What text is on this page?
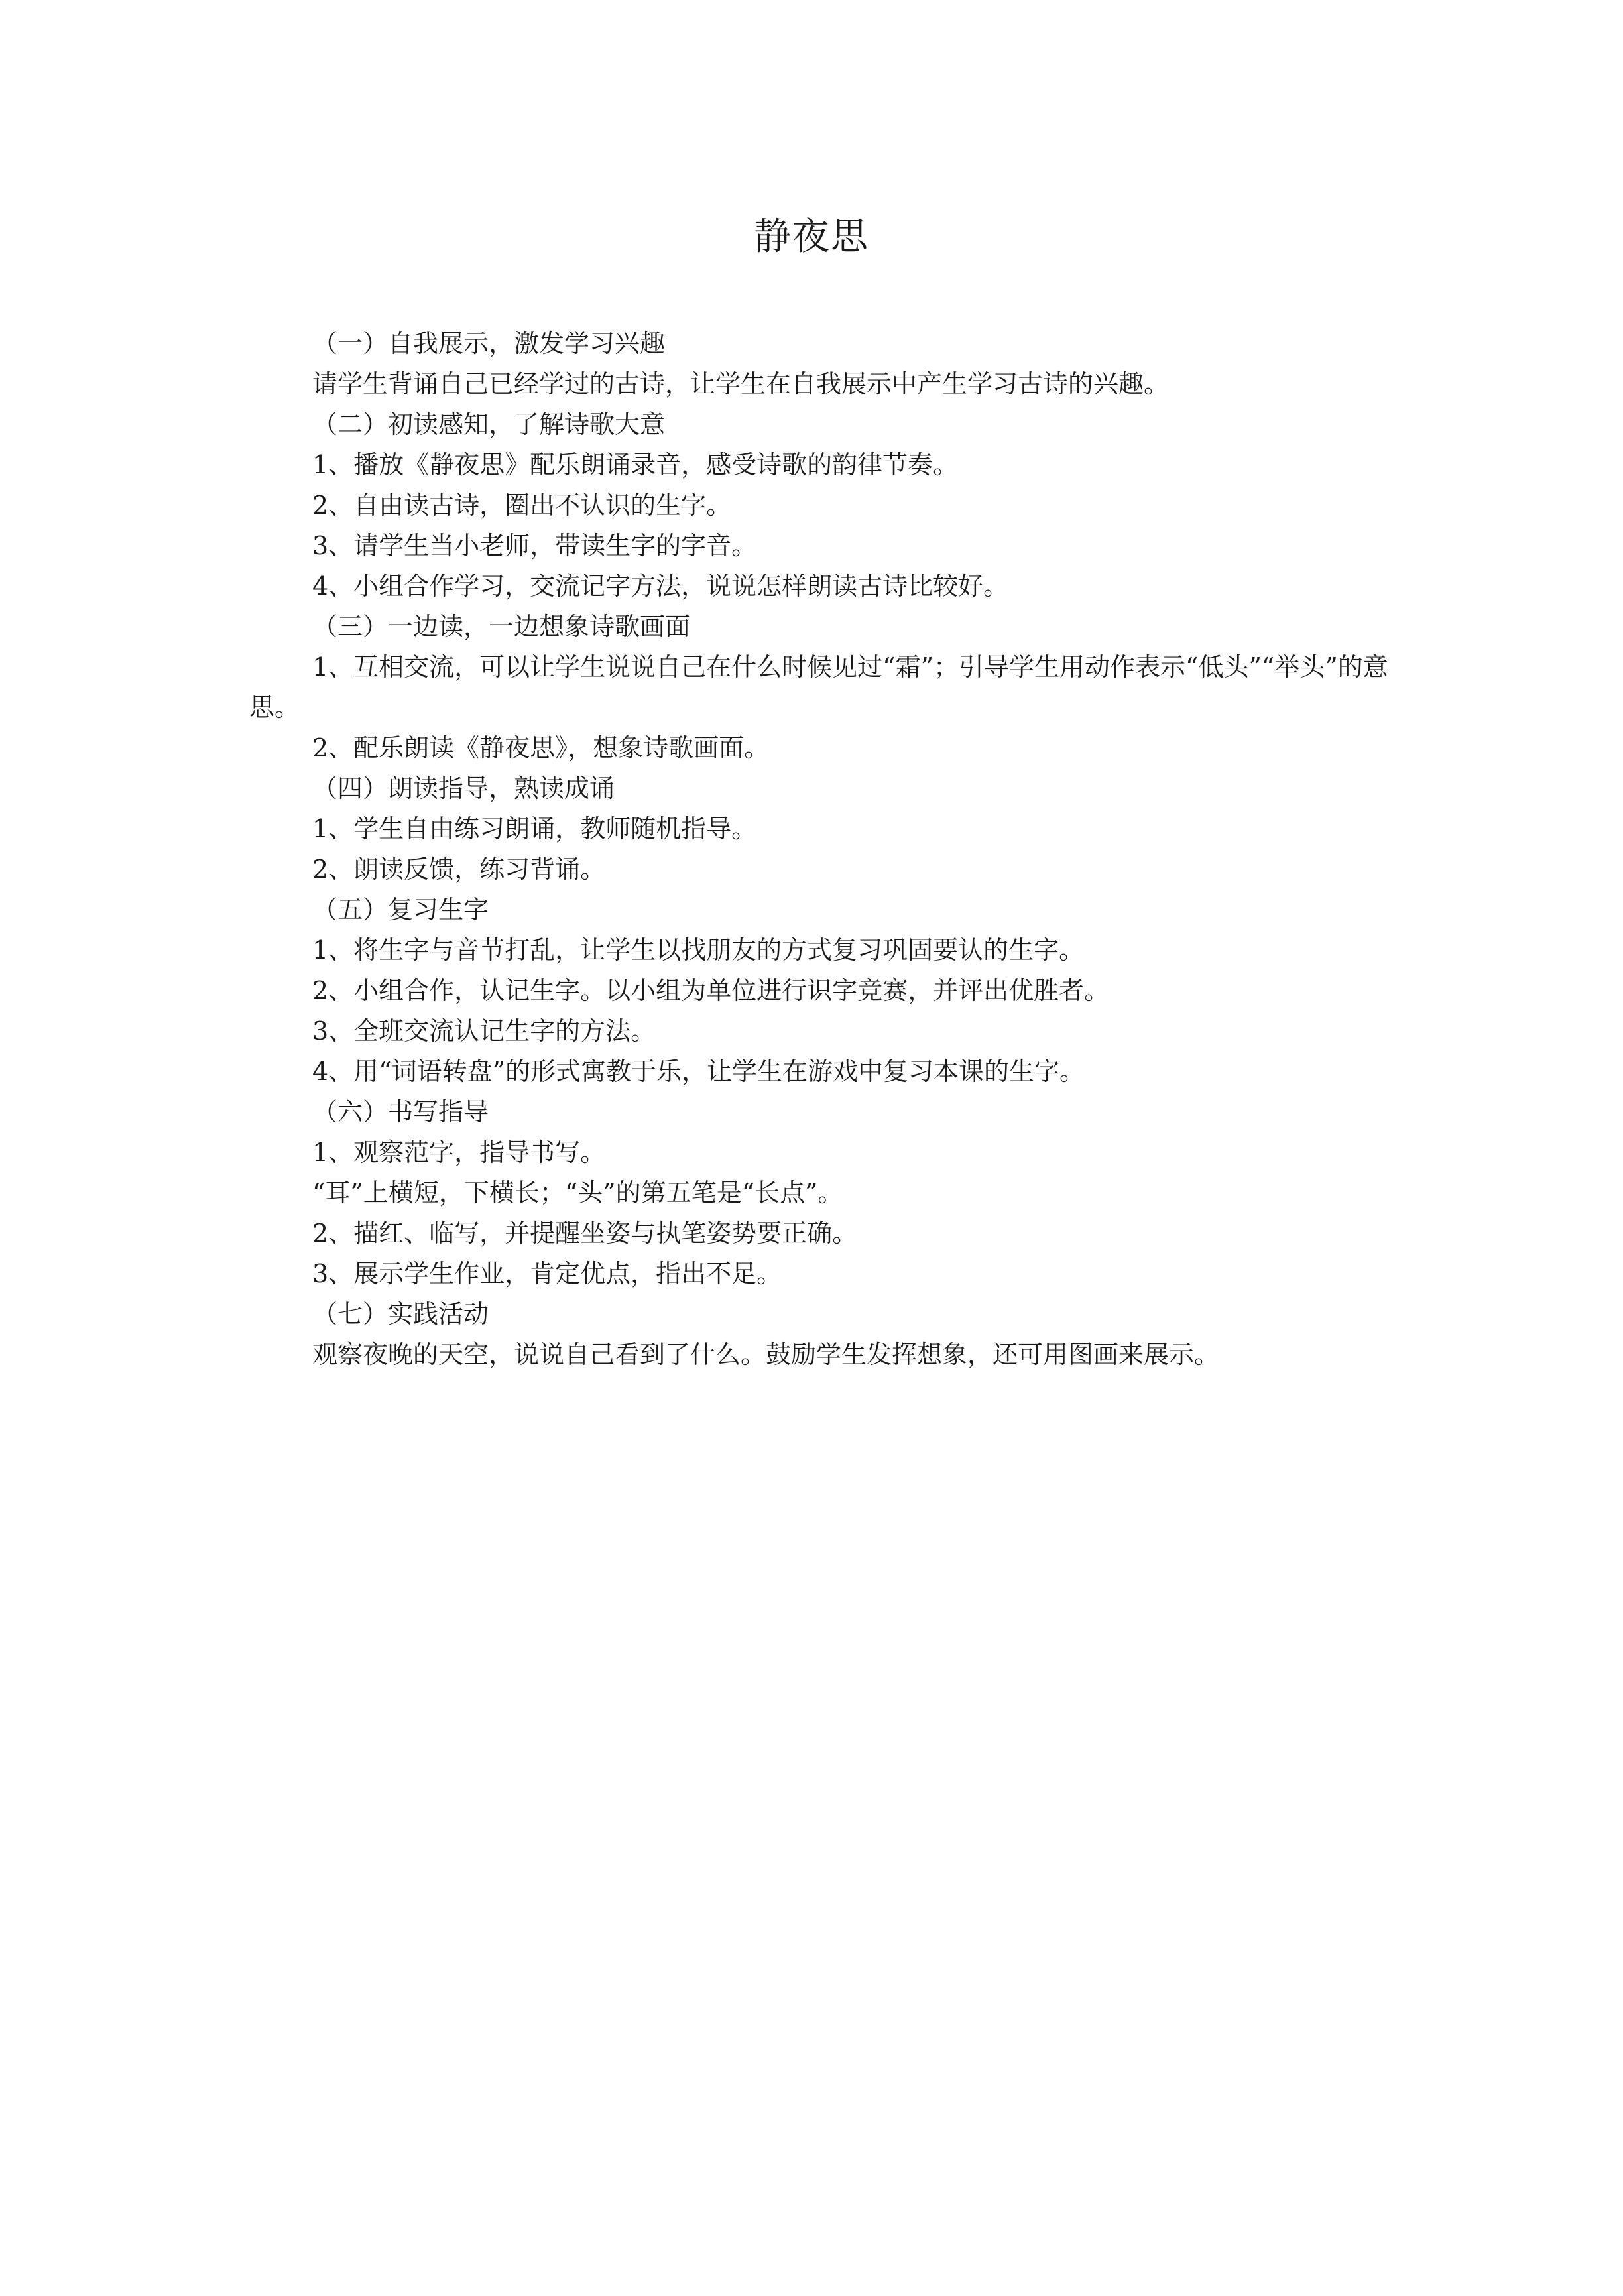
静夜思

（一）自我展示，激发学习兴趣

请学生背诵自己已经学过的古诗，让学生在自我展示中产生学习古诗的兴趣。

（二）初读感知，了解诗歌大意

1、播放《静夜思》配乐朗诵录音，感受诗歌的韵律节奏。

2、自由读古诗，圈出不认识的生字。

3、请学生当小老师，带读生字的字音。

4、小组合作学习，交流记字方法，说说怎样朗读古诗比较好。

（三）一边读，一边想象诗歌画面

1、互相交流，可以让学生说说自己在什么时候见过“霜”；引导学生用动作表示“低头”“举头”的意思。

2、配乐朗读《静夜思》，想象诗歌画面。

（四）朗读指导，熟读成诵

1、学生自由练习朗诵，教师随机指导。

2、朗读反馈，练习背诵。

（五）复习生字

1、将生字与音节打乱，让学生以找朋友的方式复习巩固要认的生字。

2、小组合作，认记生字。以小组为单位进行识字竞赛，并评出优胜者。

3、全班交流认记生字的方法。

4、用“词语转盘”的形式寓教于乐，让学生在游戏中复习本课的生字。

（六）书写指导

1、观察范字，指导书写。

“耳”上横短，下横长；“头”的第五笔是“长点”。

2、描红、临写，并提醒坐姿与执笔姿势要正确。

3、展示学生作业，肯定优点，指出不足。

（七）实践活动

观察夜晚的天空，说说自己看到了什么。鼓励学生发挥想象，还可用图画来展示。
